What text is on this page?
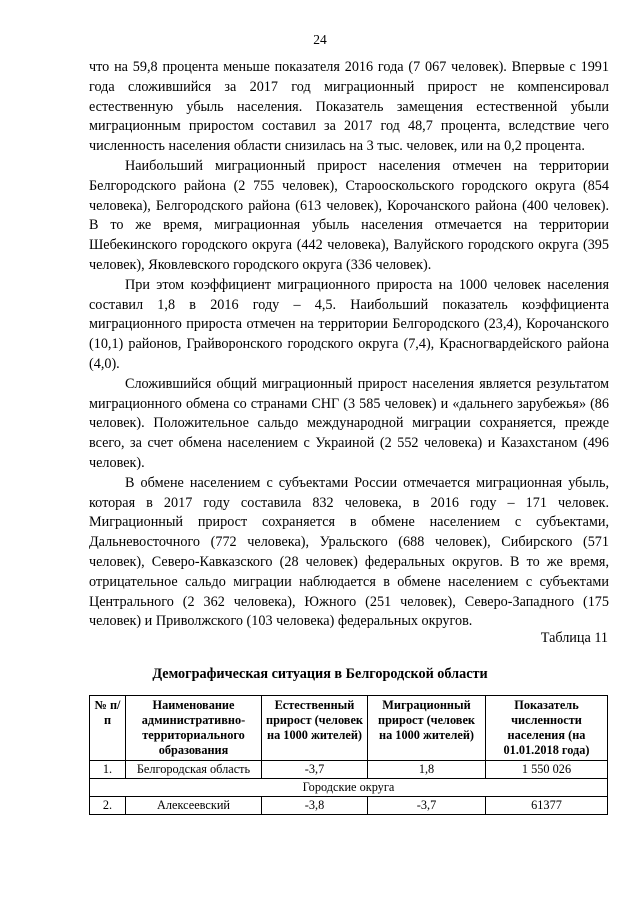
24

что на 59,8 процента меньше показателя 2016 года (7 067 человек). Впервые с 1991 года сложившийся за 2017 год миграционный прирост не компенсировал естественную убыль населения. Показатель замещения естественной убыли миграционным приростом составил за 2017 год 48,7 процента, вследствие чего численность населения области снизилась на 3 тыс. человек, или на 0,2 процента.

Наибольший миграционный прирост населения отмечен на территории Белгородского района (2 755 человек), Старооскольского городского округа (854 человека), Белгородского района (613 человек), Корочанского района (400 человек). В то же время, миграционная убыль населения отмечается на территории Шебекинского городского округа (442 человека), Валуйского городского округа (395 человек), Яковлевского городского округа (336 человек).

При этом коэффициент миграционного прироста на 1000 человек населения составил 1,8 в 2016 году – 4,5. Наибольший показатель коэффициента миграционного прироста отмечен на территории Белгородского (23,4), Корочанского (10,1) районов, Грайворонского городского округа (7,4), Красногвардейского района (4,0).

Сложившийся общий миграционный прирост населения является результатом миграционного обмена со странами СНГ (3 585 человек) и «дальнего зарубежья» (86 человек). Положительное сальдо международной миграции сохраняется, прежде всего, за счет обмена населением с Украиной (2 552 человека) и Казахстаном (496 человек).

В обмене населением с субъектами России отмечается миграционная убыль, которая в 2017 году составила 832 человека, в 2016 году – 171 человек. Миграционный прирост сохраняется в обмене населением с субъектами, Дальневосточного (772 человека), Уральского (688 человек), Сибирского (571 человек), Северо-Кавказского (28 человек) федеральных округов. В то же время, отрицательное сальдо миграции наблюдается в обмене населением с субъектами Центрального (2 362 человека), Южного (251 человек), Северо-Западного (175 человек) и Приволжского (103 человека) федеральных округов.

Таблица 11
Демографическая ситуация в Белгородской области
№ п/п	Наименование административно-территориального образования	Естественный прирост (человек на 1000 жителей)	Миграционный прирост (человек на 1000 жителей)	Показатель численности населения (на 01.01.2018 года)
1.	Белгородская область	-3,7	1,8	1 550 026
Городские округа				
2.	Алексеевский	-3,8	-3,7	61377
